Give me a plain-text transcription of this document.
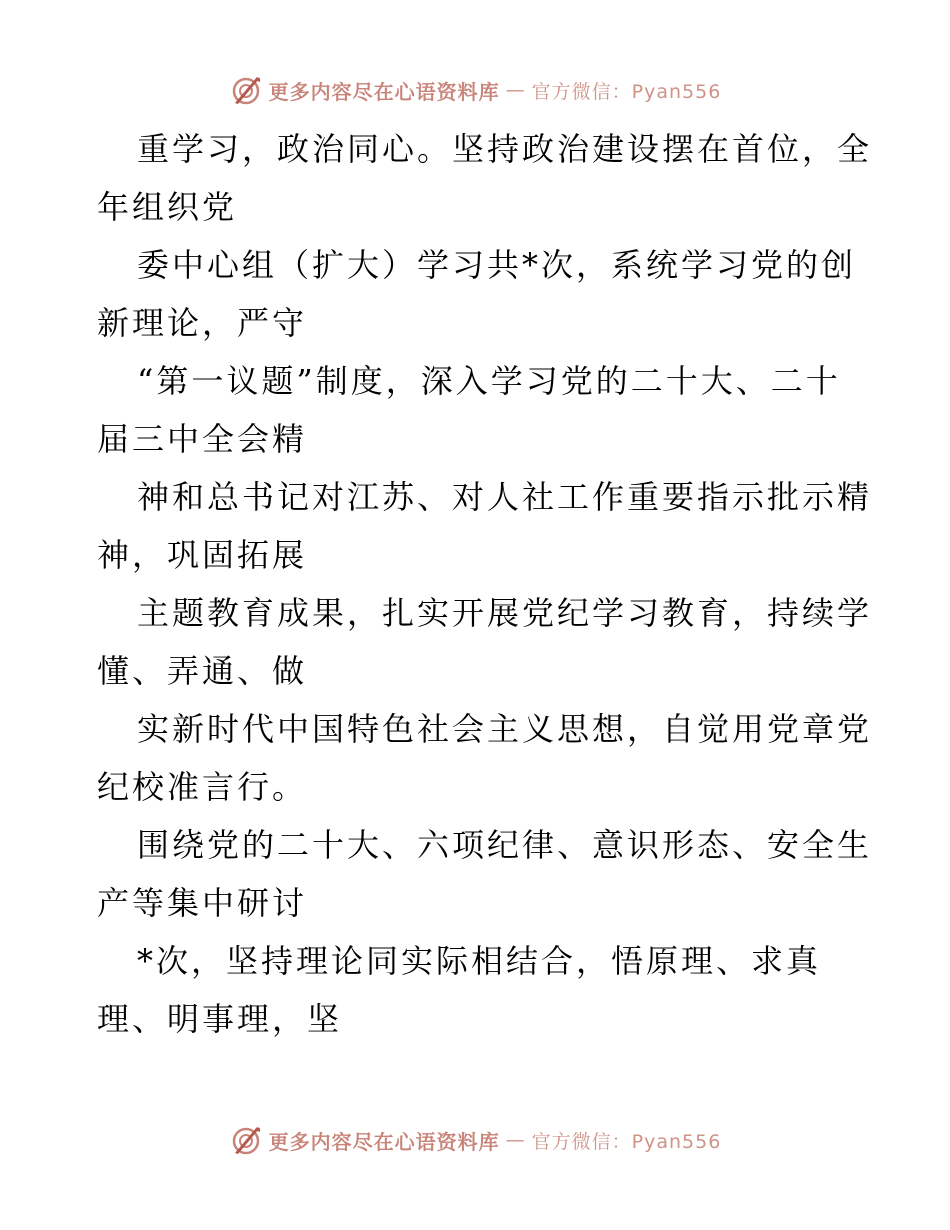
更多内容尽在心语资料库 — 官方微信：Pyan556

重学习，政治同心。坚持政治建设摆在首位，全
年组织党

委中心组（扩大）学习共*次，系统学习党的创
新理论，严守

“第一议题”制度，深入学习党的二十大、二十
届三中全会精

神和总书记对江苏、对人社工作重要指示批示精
神，巩固拓展

主题教育成果，扎实开展党纪学习教育，持续学
懂、弄通、做

实新时代中国特色社会主义思想，自觉用党章党
纪校准言行。

围绕党的二十大、六项纪律、意识形态、安全生
产等集中研讨

*次，坚持理论同实际相结合，悟原理、求真
理、明事理，坚

更多内容尽在心语资料库 — 官方微信：Pyan556
